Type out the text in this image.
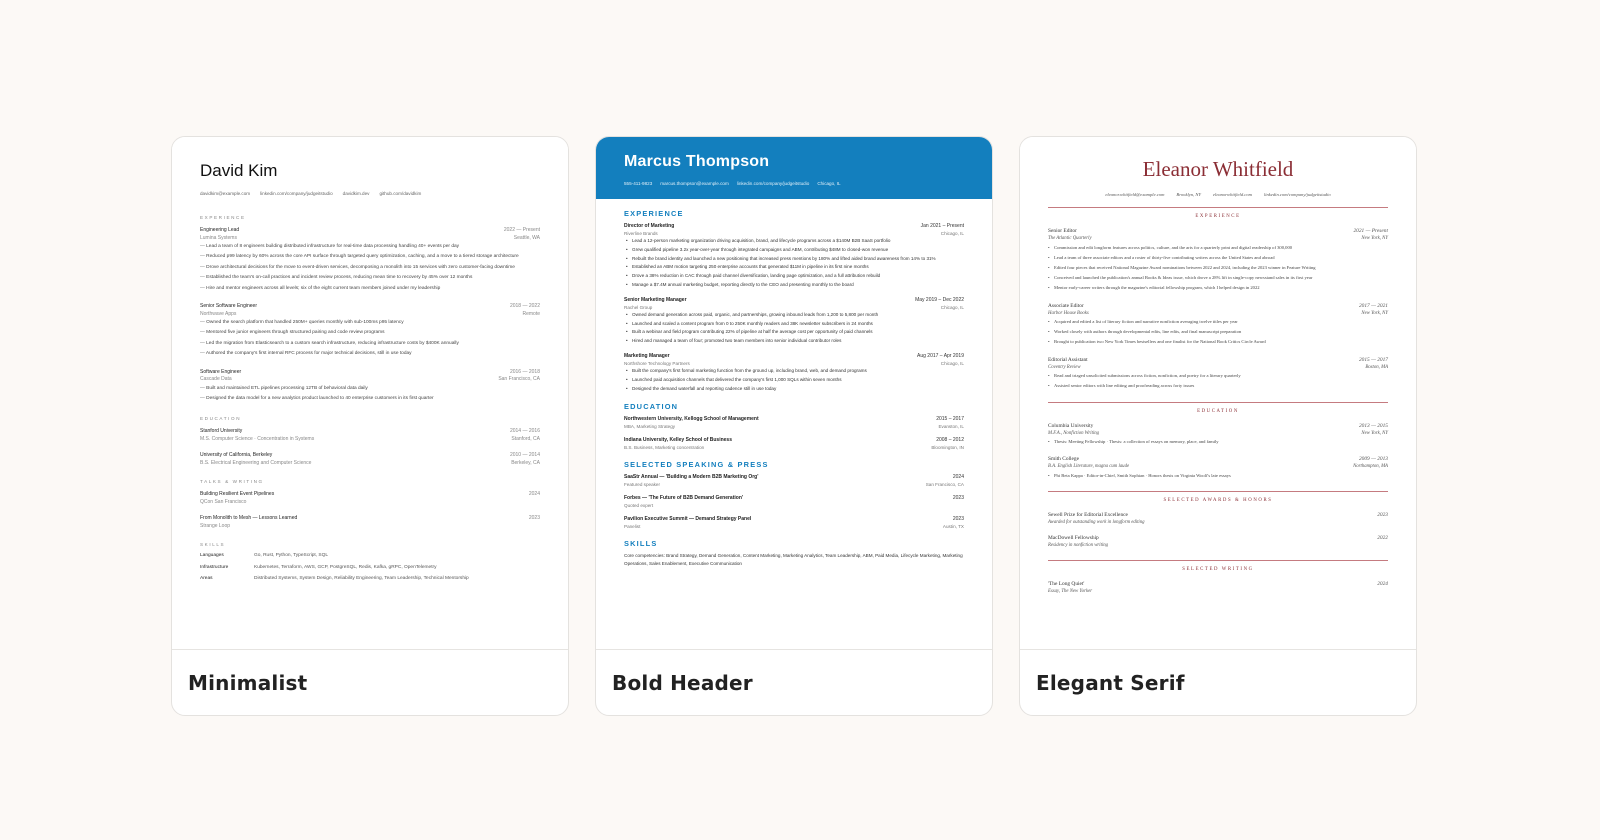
David Kim
davidkim@example.com linkedin.com/company/judgeitstudio davidkim.dev github.com/davidkim
EXPERIENCE
Engineering Lead	2022 — Present
Lumina Systems	Seattle, WA
— Lead a team of 8 engineers building distributed infrastructure for real-time data processing handling 40+ events per day
— Reduced p99 latency by 60% across the core API surface through targeted query optimization, caching, and a move to a tiered storage architecture
— Drove architectural decisions for the move to event-driven services, decomposing a monolith into 15 services with zero customer-facing downtime
— Established the team's on-call practices and incident review process, reducing mean time to recovery by 45% over 12 months
— Hire and mentor engineers across all levels; six of the eight current team members joined under my leadership
Senior Software Engineer	2018 — 2022
Northwave Apps	Remote
— Owned the search platform that handled 250M+ queries monthly with sub-100ms p95 latency
— Mentored five junior engineers through structured pairing and code review programs
— Led the migration from Elasticsearch to a custom search infrastructure, reducing infrastructure costs by $400K annually
— Authored the company's first internal RFC process for major technical decisions, still in use today
Software Engineer	2016 — 2018
Cascade Data	San Francisco, CA
— Built and maintained ETL pipelines processing 12TB of behavioral data daily
— Designed the data model for a new analytics product launched to 40 enterprise customers in its first quarter
EDUCATION
Stanford University	2014 — 2016
M.S. Computer Science · Concentration in Systems	Stanford, CA
University of California, Berkeley	2010 — 2014
B.S. Electrical Engineering and Computer Science	Berkeley, CA
TALKS & WRITING
Building Resilient Event Pipelines	2024
QCon San Francisco
From Monolith to Mesh — Lessons Learned	2023
Strange Loop
SKILLS
Languages	Go, Rust, Python, TypeScript, SQL
Infrastructure	Kubernetes, Terraform, AWS, GCP, PostgreSQL, Redis, Kafka, gRPC, OpenTelemetry
Areas	Distributed Systems, System Design, Reliability Engineering, Team Leadership, Technical Mentorship
Minimalist
Marcus Thompson
555-411-9823 marcus.thompson@example.com linkedin.com/company/judgeitstudio Chicago, IL
EXPERIENCE
Director of Marketing	Jan 2021 – Present
Riverline Brands	Chicago, IL
• Lead a 12-person marketing organization driving acquisition, brand, and lifecycle programs across a $140M B2B SaaS portfolio
• Grew qualified pipeline 3.2x year-over-year through integrated campaigns and ABM, contributing $48M to closed-won revenue
• Rebuilt the brand identity and launched a new positioning that increased press mentions by 180% and lifted aided brand awareness from 14% to 31%
• Established an ABM motion targeting 250 enterprise accounts that generated $11M in pipeline in its first nine months
• Drove a 38% reduction in CAC through paid channel diversification, landing page optimization, and a full attribution rebuild
• Manage a $7.4M annual marketing budget, reporting directly to the CEO and presenting monthly to the board
Senior Marketing Manager	May 2019 – Dec 2022
Rachel Group	Chicago, IL
• Owned demand generation across paid, organic, and partnerships, growing inbound leads from 1,200 to 5,800 per month
• Launched and scaled a content program from 0 to 250K monthly readers and 38K newsletter subscribers in 24 months
• Built a webinar and field program contributing 22% of pipeline at half the average cost per opportunity of paid channels
• Hired and managed a team of four; promoted two team members into senior individual contributor roles
Marketing Manager	Aug 2017 – Apr 2019
Northshore Technology Partners	Chicago, IL
• Built the company's first formal marketing function from the ground up, including brand, web, and demand programs
• Launched paid acquisition channels that delivered the company's first 1,000 SQLs within seven months
• Designed the demand waterfall and reporting cadence still in use today
EDUCATION
Northwestern University, Kellogg School of Management	2015 – 2017
MBA, Marketing Strategy	Evanston, IL
Indiana University, Kelley School of Business	2008 – 2012
B.S. Business, Marketing concentration	Bloomington, IN
SELECTED SPEAKING & PRESS
SaaStr Annual — 'Building a Modern B2B Marketing Org'	2024
Featured speaker	San Francisco, CA
Forbes — 'The Future of B2B Demand Generation'	2023
Quoted expert
Pavilion Executive Summit — Demand Strategy Panel	2023
Panelist	Austin, TX
SKILLS
Core competencies: Brand Strategy, Demand Generation, Content Marketing, Marketing Analytics, Team Leadership, ABM, Paid Media, Lifecycle Marketing, Marketing Operations, Sales Enablement, Executive Communication
Bold Header
Eleanor Whitfield
eleanor.whitfield@example.com	Brooklyn, NY	eleanorwhitfield.com	linkedin.com/company/judgeitstudio
EXPERIENCE
Senior Editor	2021 — Present
The Atlantic Quarterly	New York, NY
• Commission and edit longform features across politics, culture, and the arts for a quarterly print and digital readership of 300,000
• Lead a team of three associate editors and a roster of thirty-five contributing writers across the United States and abroad
• Edited four pieces that received National Magazine Award nominations between 2022 and 2024, including the 2023 winner in Feature Writing
• Conceived and launched the publication's annual Books & Ideas issue, which drove a 28% lift in single-copy newsstand sales in its first year
• Mentor early-career writers through the magazine's editorial fellowship program, which I helped design in 2022
Associate Editor	2017 — 2021
Harbor House Books	New York, NY
• Acquired and edited a list of literary fiction and narrative nonfiction averaging twelve titles per year
• Worked closely with authors through developmental edits, line edits, and final manuscript preparation
• Brought to publication two New York Times bestsellers and one finalist for the National Book Critics Circle Award
Editorial Assistant	2015 — 2017
Coventry Review	Boston, MA
• Read and triaged unsolicited submissions across fiction, nonfiction, and poetry for a literary quarterly
• Assisted senior editors with line editing and proofreading across forty issues
EDUCATION
Columbia University	2013 — 2015
M.F.A., Nonfiction Writing	New York, NY
• Thesis: Meeting Fellowship · Thesis: a collection of essays on memory, place, and family
Smith College	2009 — 2013
B.A. English Literature, magna cum laude	Northampton, MA
• Phi Beta Kappa · Editor-in-Chief, Smith Sophian · Honors thesis on Virginia Woolf's late essays
SELECTED AWARDS & HONORS
Sewell Prize for Editorial Excellence	2023
Awarded for outstanding work in longform editing
MacDowell Fellowship	2022
Residency in nonfiction writing
SELECTED WRITING
'The Long Quiet'	2024
Essay, The New Yorker
Elegant Serif
